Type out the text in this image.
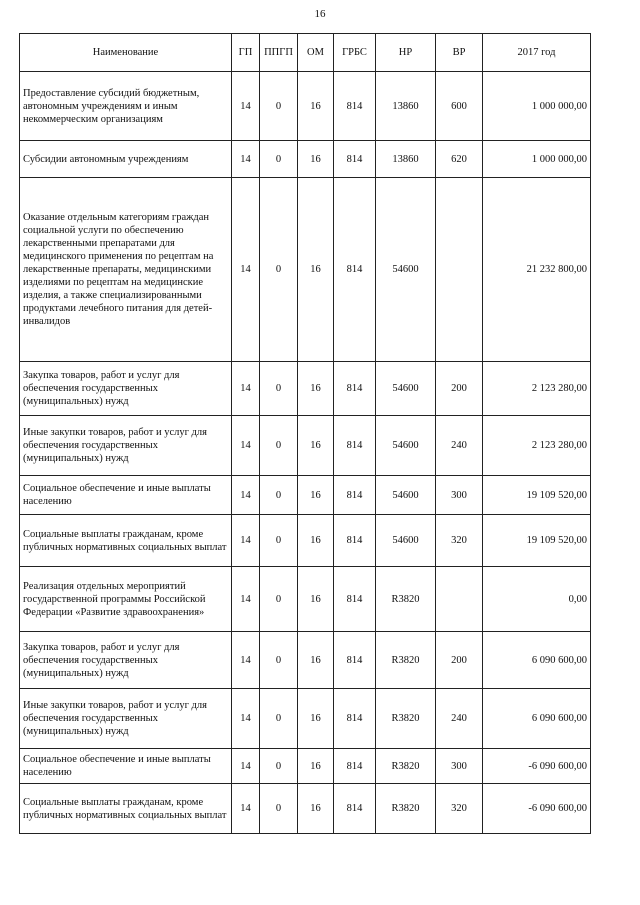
16
Наименование	ГП	ППГП	ОМ	ГРБС	НР	ВР	2017 год
Предоставление субсидий бюджетным, автономным учреждениям и иным некоммерческим организациям	14	0	16	814	13860	600	1 000 000,00
Субсидии автономным учреждениям	14	0	16	814	13860	620	1 000 000,00
Оказание отдельным категориям граждан социальной услуги по обеспечению лекарственными препаратами для медицинского применения по рецептам на лекарственные препараты, медицинскими изделиями по рецептам на медицинские изделия, а также специализированными продуктами лечебного питания для детей-инвалидов	14	0	16	814	54600		21 232 800,00
Закупка товаров, работ и услуг для обеспечения государственных (муниципальных) нужд	14	0	16	814	54600	200	2 123 280,00
Иные закупки товаров, работ и услуг для обеспечения государственных (муниципальных) нужд	14	0	16	814	54600	240	2 123 280,00
Социальное обеспечение и иные выплаты населению	14	0	16	814	54600	300	19 109 520,00
Социальные выплаты гражданам, кроме публичных нормативных социальных выплат	14	0	16	814	54600	320	19 109 520,00
Реализация отдельных мероприятий государственной программы Российской Федерации «Развитие здравоохранения»	14	0	16	814	R3820		0,00
Закупка товаров, работ и услуг для обеспечения государственных (муниципальных) нужд	14	0	16	814	R3820	200	6 090 600,00
Иные закупки товаров, работ и услуг для обеспечения государственных (муниципальных) нужд	14	0	16	814	R3820	240	6 090 600,00
Социальное обеспечение и иные выплаты населению	14	0	16	814	R3820	300	-6 090 600,00
Социальные выплаты гражданам, кроме публичных нормативных социальных выплат	14	0	16	814	R3820	320	-6 090 600,00
